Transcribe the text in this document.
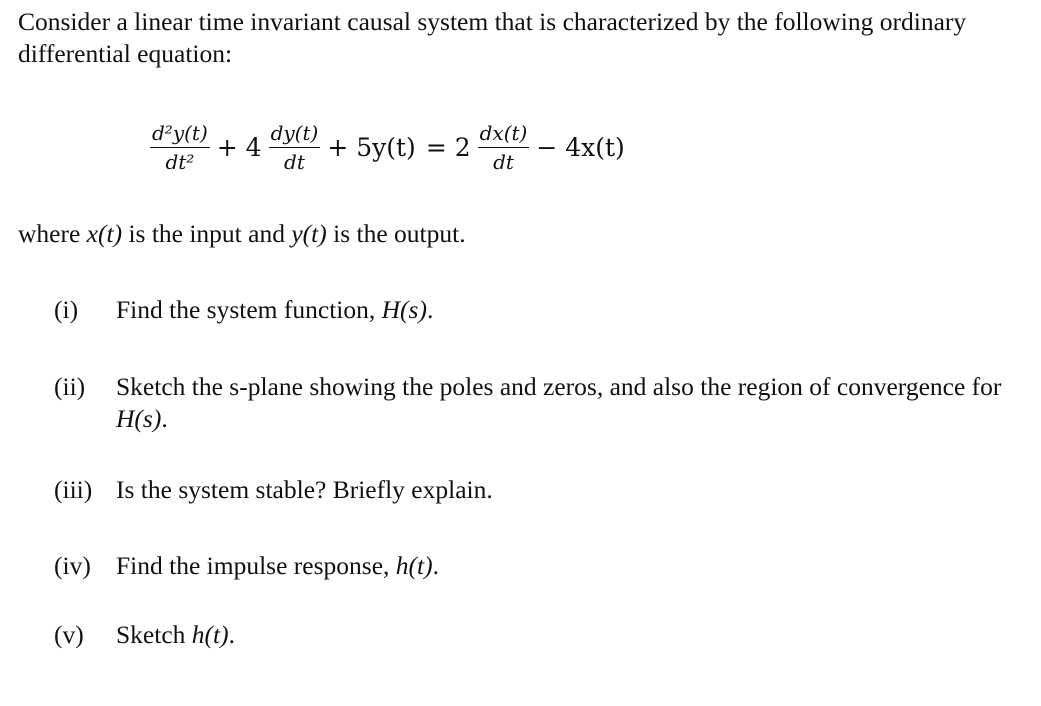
Consider a linear time invariant causal system that is characterized by the following ordinary differential equation:
$\frac{\text{d²y(t)}}{\text{dt²}} + 4 \frac{dy(t)}{dt} + 5y(t) = 2 \frac{dx(t)}{dt} - 4x(t)$
where x(t) is the input and y(t) is the output.
(i)	Find the system function, H(s).
(ii)	Sketch the s-plane showing the poles and zeros, and also the region of convergence for H(s).
(iii) Is the system stable? Briefly explain.
(iv) Find the impulse response, h(t).
(v)	Sketch h(t).
